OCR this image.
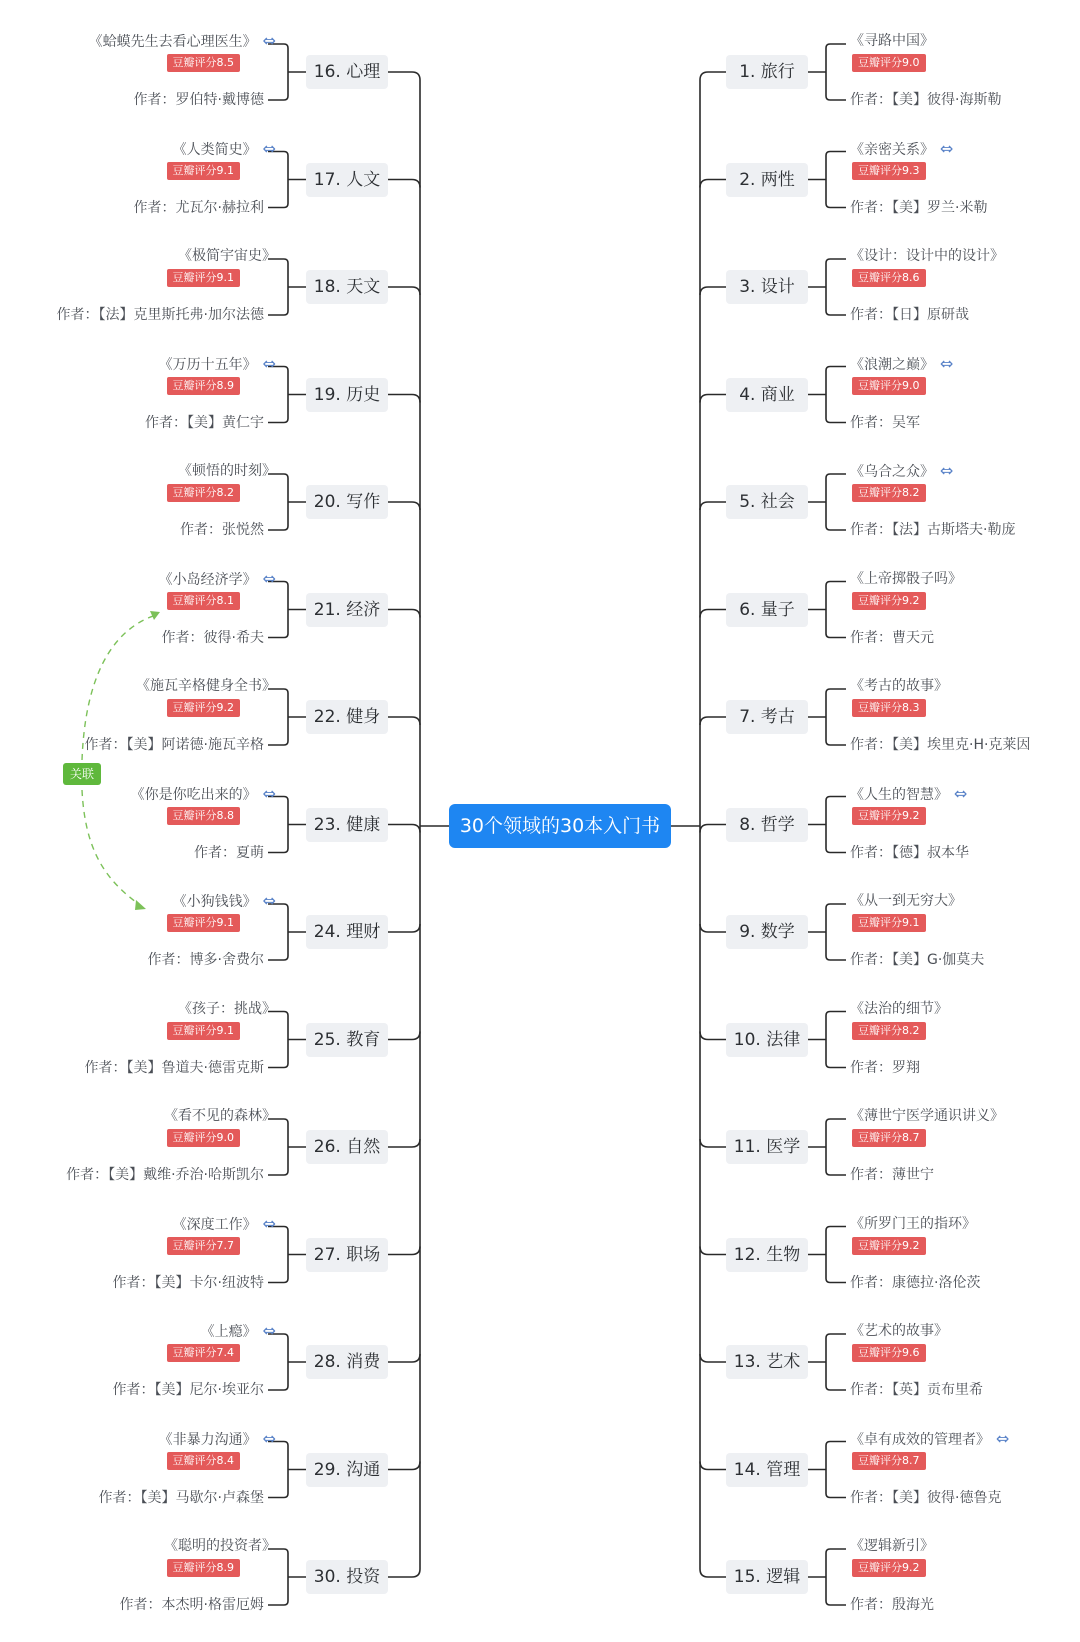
30个领域的30本入门书
关联
16. 心理
《蛤蟆先生去看心理医生》 ⇔
豆瓣评分8.5
作者：罗伯特·戴博德
17. 人文
《人类简史》 ⇔
豆瓣评分9.1
作者：尤瓦尔·赫拉利
18. 天文
《极简宇宙史》
豆瓣评分9.1
作者：【法】克里斯托弗·加尔法德
19. 历史
《万历十五年》 ⇔
豆瓣评分8.9
作者：【美】黄仁宇
20. 写作
《顿悟的时刻》
豆瓣评分8.2
作者：张悦然
21. 经济
《小岛经济学》 ⇔
豆瓣评分8.1
作者：彼得·希夫
22. 健身
《施瓦辛格健身全书》
豆瓣评分9.2
作者：【美】阿诺德·施瓦辛格
23. 健康
《你是你吃出来的》 ⇔
豆瓣评分8.8
作者：夏萌
24. 理财
《小狗钱钱》 ⇔
豆瓣评分9.1
作者：博多·舍费尔
25. 教育
《孩子：挑战》
豆瓣评分9.1
作者：【美】鲁道夫·德雷克斯
26. 自然
《看不见的森林》
豆瓣评分9.0
作者：【美】戴维·乔治·哈斯凯尔
27. 职场
《深度工作》 ⇔
豆瓣评分7.7
作者：【美】卡尔·纽波特
28. 消费
《上瘾》 ⇔
豆瓣评分7.4
作者：【美】尼尔·埃亚尔
29. 沟通
《非暴力沟通》 ⇔
豆瓣评分8.4
作者：【美】马歇尔·卢森堡
30. 投资
《聪明的投资者》
豆瓣评分8.9
作者：本杰明·格雷厄姆
1. 旅行
《寻路中国》
豆瓣评分9.0
作者：【美】彼得·海斯勒
2. 两性
《亲密关系》 ⇔
豆瓣评分9.3
作者：【美】罗兰·米勒
3. 设计
《设计：设计中的设计》
豆瓣评分8.6
作者：【日】原研哉
4. 商业
《浪潮之巅》 ⇔
豆瓣评分9.0
作者：吴军
5. 社会
《乌合之众》 ⇔
豆瓣评分8.2
作者：【法】古斯塔夫·勒庞
6. 量子
《上帝掷骰子吗》
豆瓣评分9.2
作者：曹天元
7. 考古
《考古的故事》
豆瓣评分8.3
作者：【美】埃里克·H·克莱因
8. 哲学
《人生的智慧》 ⇔
豆瓣评分9.2
作者：【德】叔本华
9. 数学
《从一到无穷大》
豆瓣评分9.1
作者：【美】G·伽莫夫
10. 法律
《法治的细节》
豆瓣评分8.2
作者：罗翔
11. 医学
《薄世宁医学通识讲义》
豆瓣评分8.7
作者：薄世宁
12. 生物
《所罗门王的指环》
豆瓣评分9.2
作者：康德拉·洛伦茨
13. 艺术
《艺术的故事》
豆瓣评分9.6
作者：【英】贡布里希
14. 管理
《卓有成效的管理者》 ⇔
豆瓣评分8.7
作者：【美】彼得·德鲁克
15. 逻辑
《逻辑新引》
豆瓣评分9.2
作者：殷海光
